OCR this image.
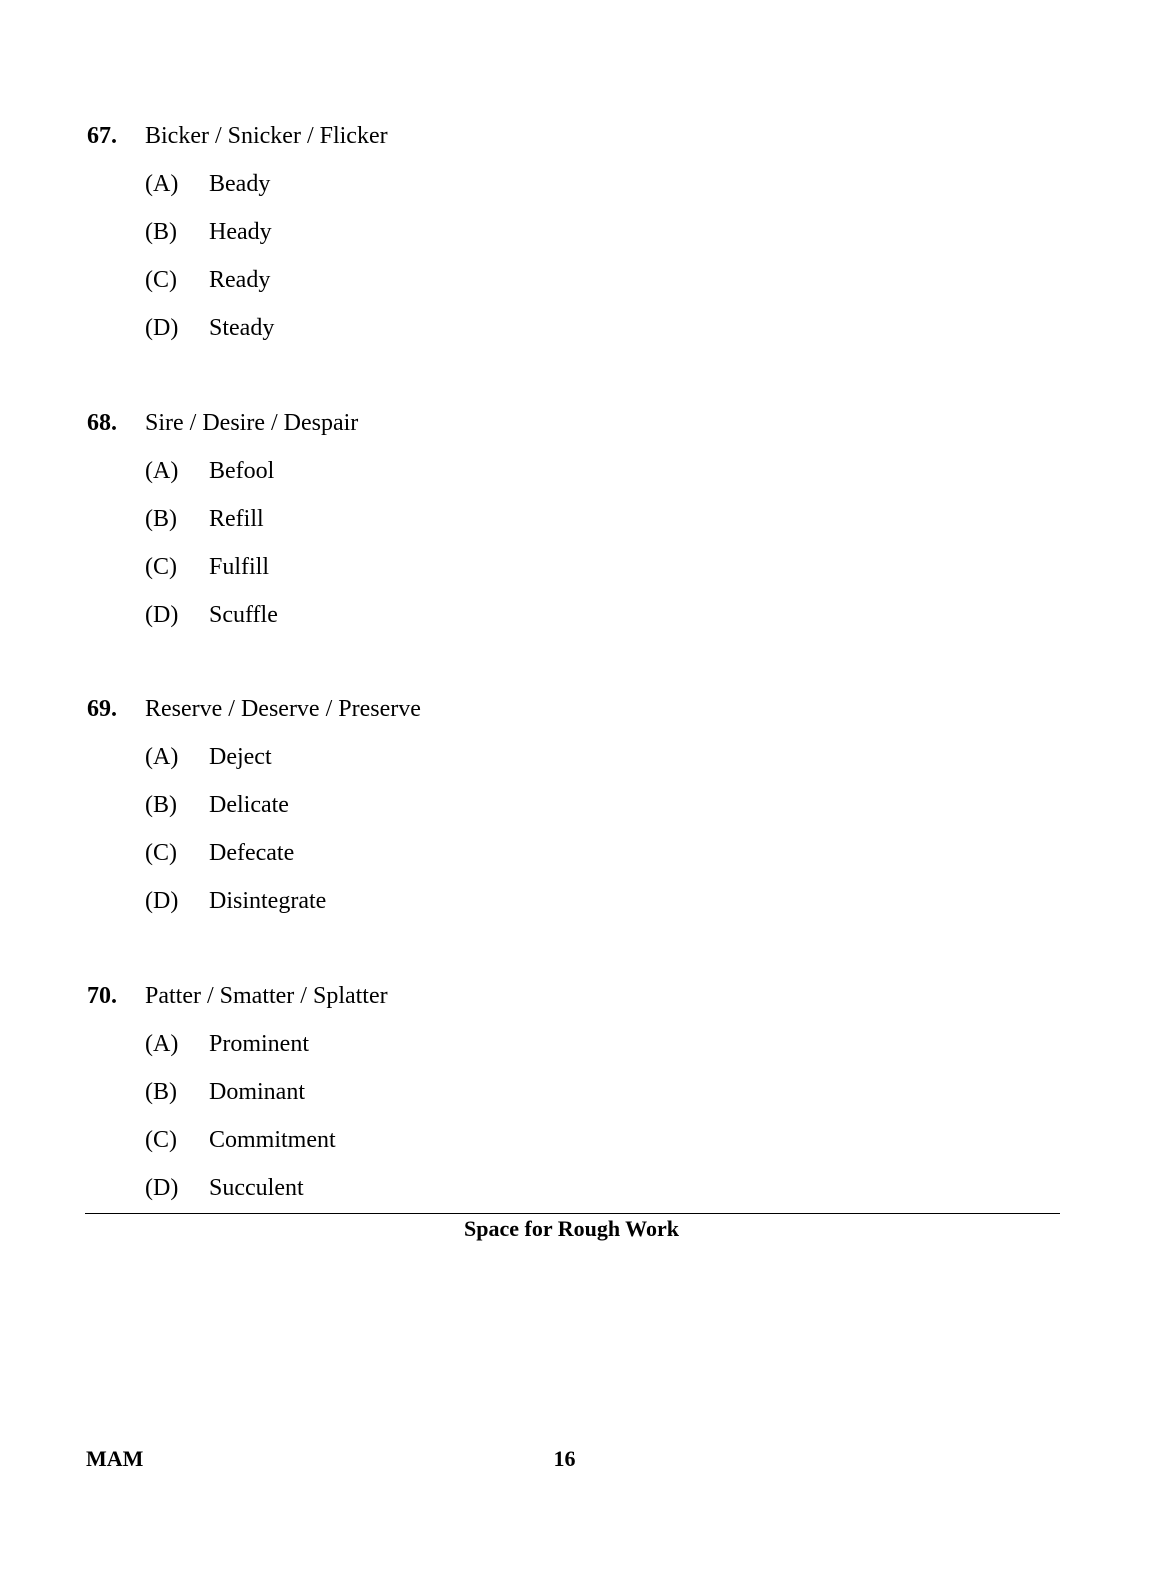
67. Bicker / Snicker / Flicker
(A) Beady
(B) Heady
(C) Ready
(D) Steady
68. Sire / Desire / Despair
(A) Befool
(B) Refill
(C) Fulfill
(D) Scuffle
69. Reserve / Deserve / Preserve
(A) Deject
(B) Delicate
(C) Defecate
(D) Disintegrate
70. Patter / Smatter / Splatter
(A) Prominent
(B) Dominant
(C) Commitment
(D) Succulent
Space for Rough Work
MAM	16
